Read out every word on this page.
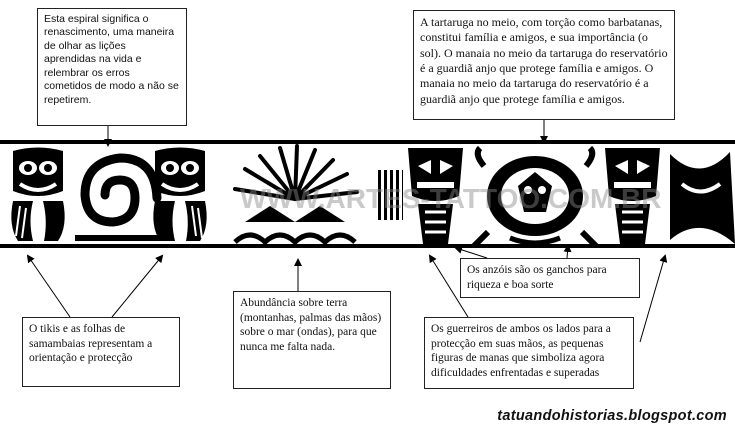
Esta espiral significa o renascimento, uma maneira de olhar as lições aprendidas na vida e relembrar os erros cometidos de modo a não se repetirem.
A tartaruga no meio, com torção como barbatanas, constitui família e amigos, e sua importância (o sol). O manaia no meio da tartaruga do reservatório é a guardiã anjo que protege família e amigos. O manaia no meio da tartaruga do reservatório é a guardiã anjo que protege família e amigos.
Os anzóis são os ganchos para riqueza e boa sorte
O tikis e as folhas de samambaias representam a orientação e protecção
Abundância sobre terra (montanhas, palmas das mãos) sobre o mar (ondas), para que nunca me falta nada.
Os guerreiros de ambos os lados para a protecção em suas mãos, as pequenas figuras de manas que simboliza agora dificuldades enfrentadas e superadas
WWW.ARTES-TATTOO.COM.BR
tatuandohistorias.blogspot.com
